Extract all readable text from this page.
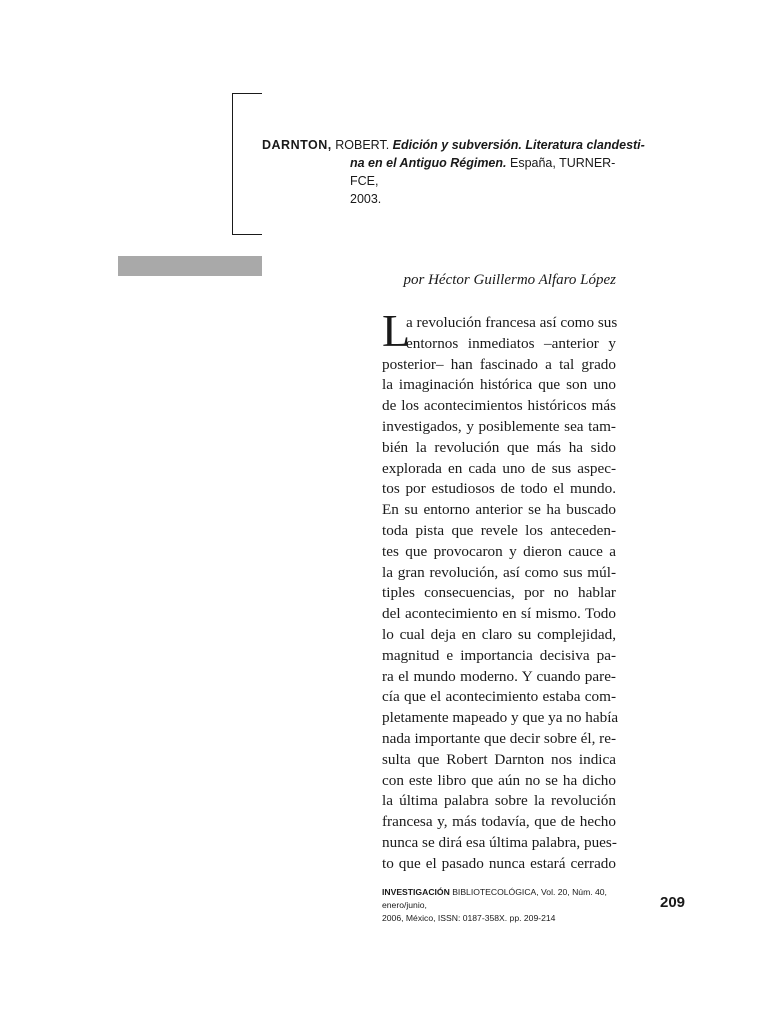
DARNTON, ROBERT. Edición y subversión. Literatura clandesti-
na en el Antiguo Régimen. España, TURNER-FCE,
2003.
por Héctor Guillermo Alfaro López
L
a revolución francesa así como sus
entornos inmediatos –anterior y
posterior– han fascinado a tal grado
la imaginación histórica que son uno
de los acontecimientos históricos más
investigados, y posiblemente sea tam-
bién la revolución que más ha sido
explorada en cada uno de sus aspec-
tos por estudiosos de todo el mundo.
En su entorno anterior se ha buscado
toda pista que revele los anteceden-
tes que provocaron y dieron cauce a
la gran revolución, así como sus múl-
tiples consecuencias, por no hablar
del acontecimiento en sí mismo. Todo
lo cual deja en claro su complejidad,
magnitud e importancia decisiva pa-
ra el mundo moderno. Y cuando pare-
cía que el acontecimiento estaba com-
pletamente mapeado y que ya no había
nada importante que decir sobre él, re-
sulta que Robert Darnton nos indica
con este libro que aún no se ha dicho
la última palabra sobre la revolución
francesa y, más todavía, que de hecho
nunca se dirá esa última palabra, pues-
to que el pasado nunca estará cerrado
INVESTIGACIÓN BIBLIOTECOLÓGICA, Vol. 20, Núm. 40, enero/junio,
2006, México, ISSN: 0187-358X. pp. 209-214
209
